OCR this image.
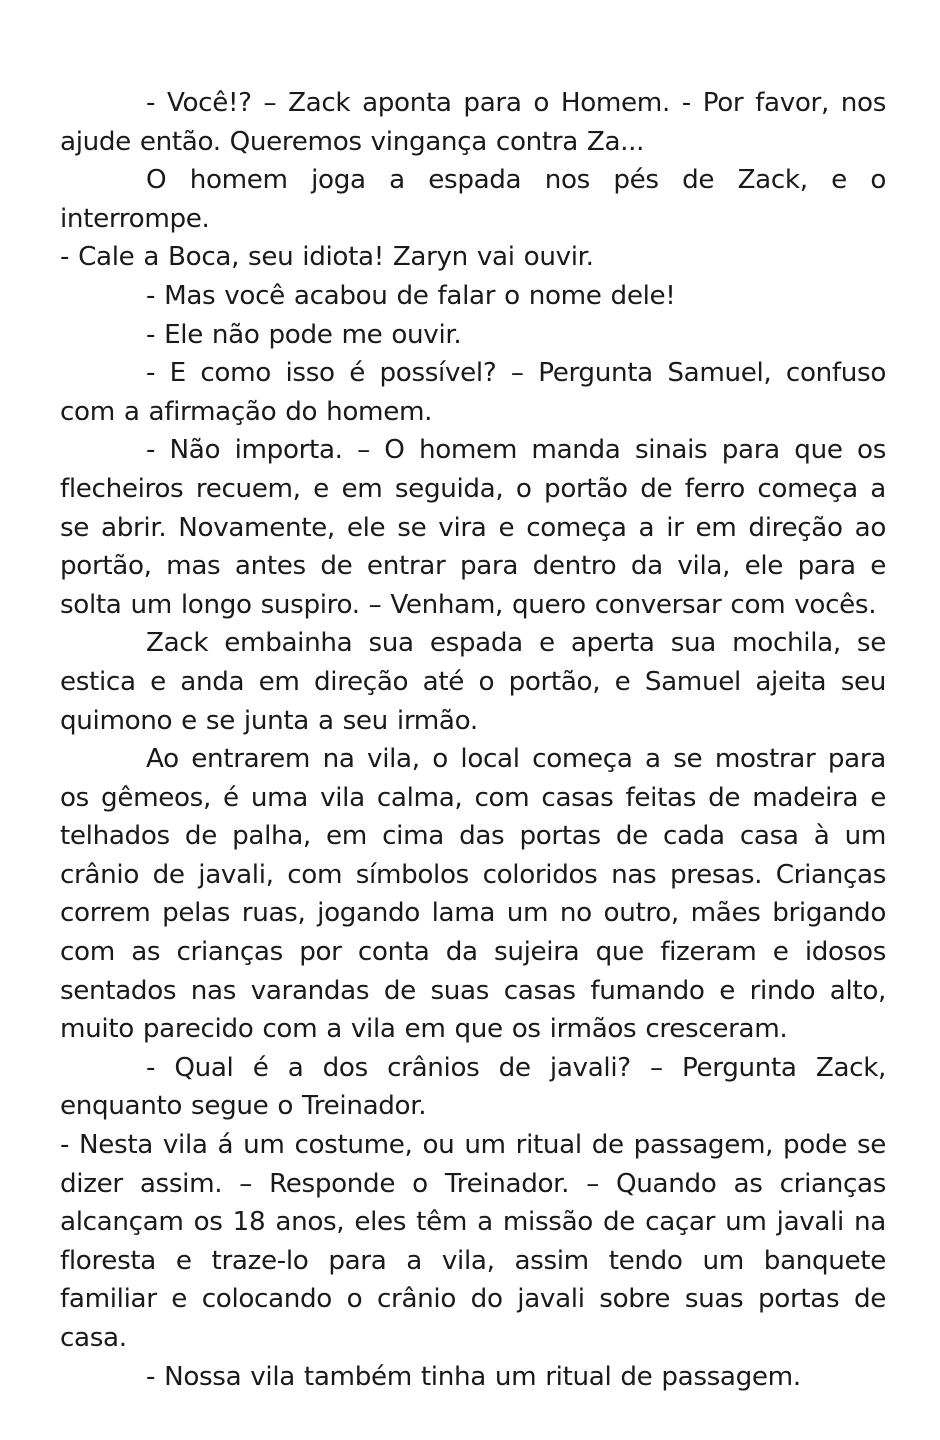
- Você!? – Zack aponta para o Homem. - Por favor, nos ajude então. Queremos vingança contra Za...

O homem joga a espada nos pés de Zack, e o interrompe.

- Cale a Boca, seu idiota! Zaryn vai ouvir.

- Mas você acabou de falar o nome dele!

- Ele não pode me ouvir.

- E como isso é possível? – Pergunta Samuel, confuso com a afirmação do homem.

- Não importa. – O homem manda sinais para que os flecheiros recuem, e em seguida, o portão de ferro começa a se abrir. Novamente, ele se vira e começa a ir em direção ao portão, mas antes de entrar para dentro da vila, ele para e solta um longo suspiro. – Venham, quero conversar com vocês.

Zack embainha sua espada e aperta sua mochila, se estica e anda em direção até o portão, e Samuel ajeita seu quimono e se junta a seu irmão.

Ao entrarem na vila, o local começa a se mostrar para os gêmeos, é uma vila calma, com casas feitas de madeira e telhados de palha, em cima das portas de cada casa à um crânio de javali, com símbolos coloridos nas presas. Crianças correm pelas ruas, jogando lama um no outro, mães brigando com as crianças por conta da sujeira que fizeram e idosos sentados nas varandas de suas casas fumando e rindo alto, muito parecido com a vila em que os irmãos cresceram.

- Qual é a dos crânios de javali? – Pergunta Zack, enquanto segue o Treinador.

- Nesta vila á um costume, ou um ritual de passagem, pode se dizer assim. – Responde o Treinador. – Quando as crianças alcançam os 18 anos, eles têm a missão de caçar um javali na floresta e traze-lo para a vila, assim tendo um banquete familiar e colocando o crânio do javali sobre suas portas de casa.

- Nossa vila também tinha um ritual de passagem.
